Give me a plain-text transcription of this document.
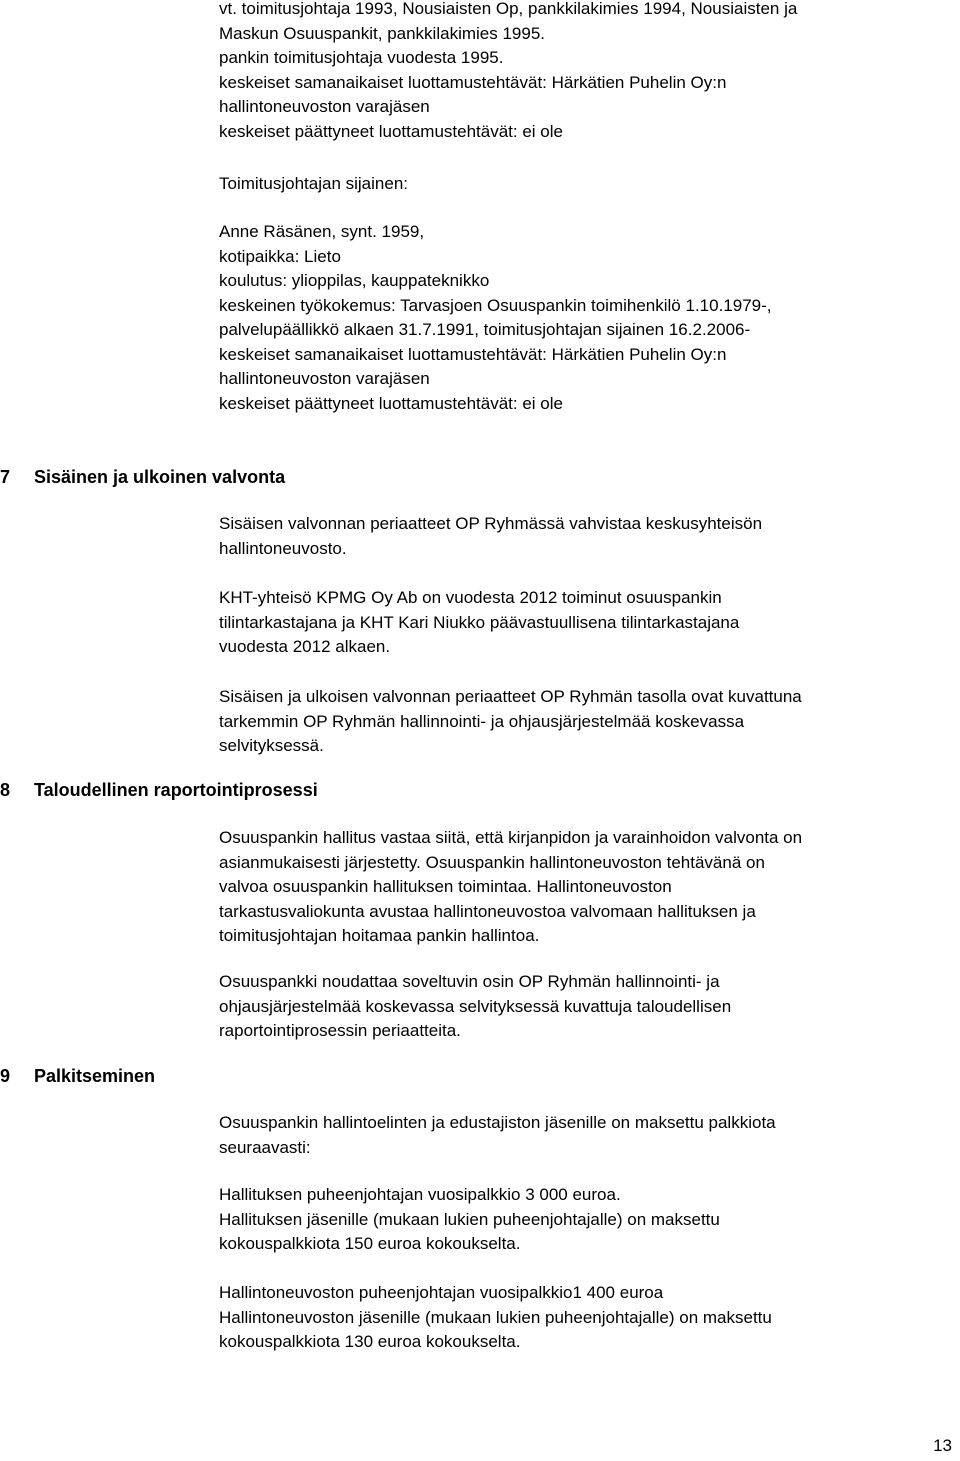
vt. toimitusjohtaja 1993, Nousiaisten Op, pankkilakimies 1994, Nousiaisten ja
Maskun Osuuspankit, pankkilakimies 1995.
pankin toimitusjohtaja vuodesta 1995.
keskeiset samanaikaiset luottamustehtävät: Härkätien Puhelin Oy:n
hallintoneuvoston varajäsen
keskeiset päättyneet luottamustehtävät: ei ole
Toimitusjohtajan sijainen:
Anne Räsänen, synt. 1959,
kotipaikka: Lieto
koulutus: ylioppilas, kauppateknikko
keskeinen työkokemus: Tarvasjoen Osuuspankin toimihenkilö 1.10.1979-,
palvelupäällikkö alkaen 31.7.1991, toimitusjohtajan sijainen 16.2.2006-
keskeiset samanaikaiset luottamustehtävät: Härkätien Puhelin Oy:n
hallintoneuvoston varajäsen
keskeiset päättyneet luottamustehtävät: ei ole
7 Sisäinen ja ulkoinen valvonta
Sisäisen valvonnan periaatteet OP Ryhmässä vahvistaa keskusyhteisön
hallintoneuvosto.
KHT-yhteisö KPMG Oy Ab on vuodesta 2012 toiminut osuuspankin
tilintarkastajana ja KHT Kari Niukko päävastuullisena tilintarkastajana
vuodesta 2012 alkaen.
Sisäisen ja ulkoisen valvonnan periaatteet OP Ryhmän tasolla ovat kuvattuna
tarkemmin OP Ryhmän hallinnointi- ja ohjausjärjestelmää koskevassa
selvityksessä.
8 Taloudellinen raportointiprosessi
Osuuspankin hallitus vastaa siitä, että kirjanpidon ja varainhoidon valvonta on
asianmukaisesti järjestetty. Osuuspankin hallintoneuvoston tehtävänä on
valvoa osuuspankin hallituksen toimintaa. Hallintoneuvoston
tarkastusvaliokunta avustaa hallintoneuvostoa valvomaan hallituksen ja
toimitusjohtajan hoitamaa pankin hallintoa.
Osuuspankki noudattaa soveltuvin osin OP Ryhmän hallinnointi- ja
ohjausjärjestelmää koskevassa selvityksessä kuvattuja taloudellisen
raportointiprosessin periaatteita.
9 Palkitseminen
Osuuspankin hallintoelinten ja edustajiston jäsenille on maksettu palkkiota
seuraavasti:
Hallituksen puheenjohtajan vuosipalkkio 3 000 euroa.
Hallituksen jäsenille (mukaan lukien puheenjohtajalle) on maksettu
kokouspalkkiota 150 euroa kokoukselta.
Hallintoneuvoston puheenjohtajan vuosipalkkio1 400 euroa
Hallintoneuvoston jäsenille (mukaan lukien puheenjohtajalle) on maksettu
kokouspalkkiota 130 euroa kokoukselta.
13
